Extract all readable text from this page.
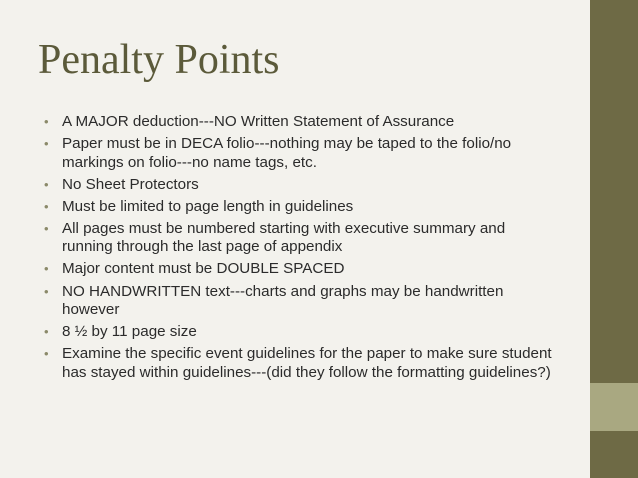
Penalty Points
• A MAJOR deduction---NO Written Statement of Assurance
• Paper must be in DECA folio---nothing may be taped to the folio/no markings on folio---no name tags, etc.
• No Sheet Protectors
• Must be limited to page length in guidelines
• All pages must be numbered starting with executive summary and running through the last page of appendix
• Major content must be DOUBLE SPACED
• NO HANDWRITTEN text---charts and graphs may be handwritten however
• 8 ½ by 11 page size
• Examine the specific event guidelines for the paper to make sure student has stayed within guidelines---(did they follow the formatting guidelines?)
